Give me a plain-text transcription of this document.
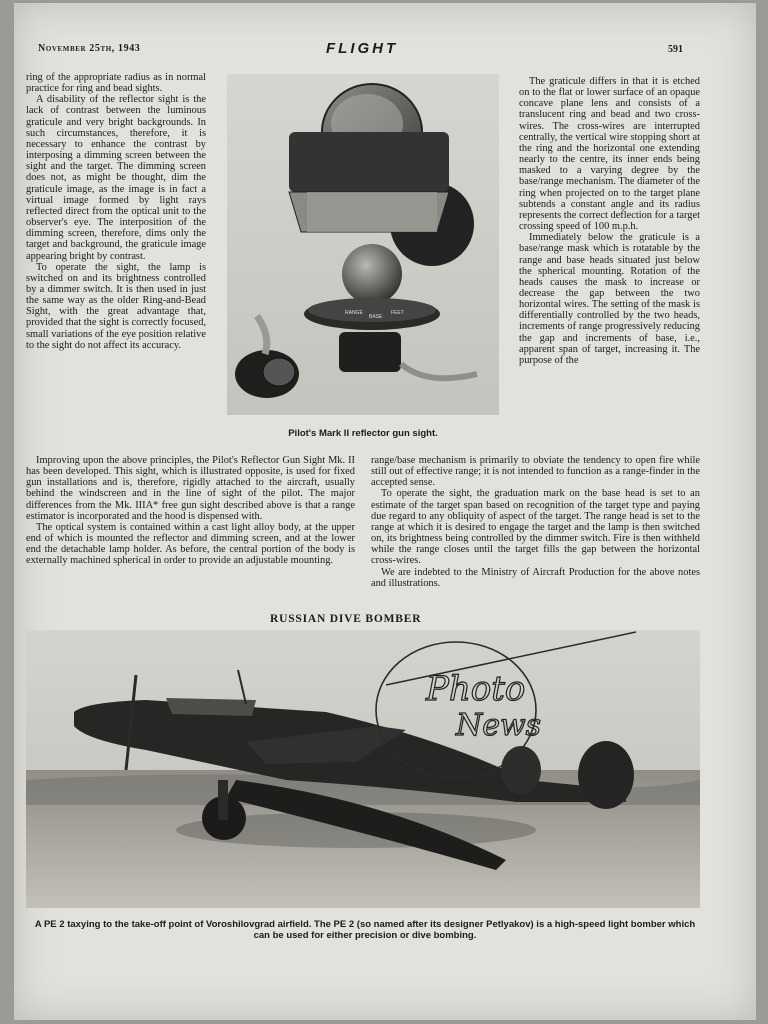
November 25th, 1943	FLIGHT	591

ring of the appropriate radius as in normal practice for ring and bead sights.

A disability of the reflector sight is the lack of contrast between the luminous graticule and very bright backgrounds. In such circumstances, therefore, it is necessary to enhance the contrast by interposing a dimming screen between the sight and the target. The dimming screen does not, as might be thought, dim the graticule image, as the image is in fact a virtual image formed by light rays reflected direct from the optical unit to the observer's eye. The interposition of the dimming screen, therefore, dims only the target and background, the graticule image appearing bright by contrast.

To operate the sight, the lamp is switched on and its brightness controlled by a dimmer switch. It is then used in just the same way as the older Ring-and-Bead Sight, with the great advantage that, provided that the sight is correctly focused, small variations of the eye position relative to the sight do not affect its accuracy.

RANGE
BASE
FEET
Pilot's Mark II reflector gun sight.

The graticule differs in that it is etched on to the flat or lower surface of an opaque concave plane lens and consists of a translucent ring and bead and two cross-wires. The cross-wires are interrupted centrally, the vertical wire stopping short at the ring and the horizontal one extending nearly to the centre, its inner ends being masked to a varying degree by the base/range mechanism. The diameter of the ring when projected on to the target plane subtends a constant angle and its radius represents the correct deflection for a target crossing speed of 100 m.p.h.

Immediately below the graticule is a base/range mask which is rotatable by the range and base heads situated just below the spherical mounting. Rotation of the heads causes the mask to increase or decrease the gap between the two horizontal wires. The setting of the mask is differentially controlled by the two heads, increments of range progressively reducing the gap and increments of base, i.e., apparent span of target, increasing it. The purpose of the

Improving upon the above principles, the Pilot's Reflector Gun Sight Mk. II has been developed. This sight, which is illustrated opposite, is used for fixed gun installations and is, therefore, rigidly attached to the aircraft, usually behind the windscreen and in the line of sight of the pilot. The major differences from the Mk. IIIA* free gun sight described above is that a range estimator is incorporated and the hood is dispensed with.

The optical system is contained within a cast light alloy body, at the upper end of which is mounted the reflector and dimming screen, and at the lower end the detachable lamp holder. As before, the central portion of the body is externally machined spherical in order to provide an adjustable mounting.

range/base mechanism is primarily to obviate the tendency to open fire while still out of effective range; it is not intended to function as a range-finder in the accepted sense.

To operate the sight, the graduation mark on the base head is set to an estimate of the target span based on recognition of the target type and paying due regard to any obliquity of aspect of the target. The range head is set to the range at which it is desired to engage the target and the lamp is then switched on, its brightness being controlled by the dimmer switch. Fire is then withheld while the range closes until the target fills the gap between the horizontal cross-wires.

We are indebted to the Ministry of Aircraft Production for the above notes and illustrations.

RUSSIAN DIVE BOMBER
Photo
News
A PE 2 taxying to the take-off point of Voroshilovgrad airfield. The PE 2 (so named after its designer Petlyakov) is a high-speed light bomber which can be used for either precision or dive bombing.
